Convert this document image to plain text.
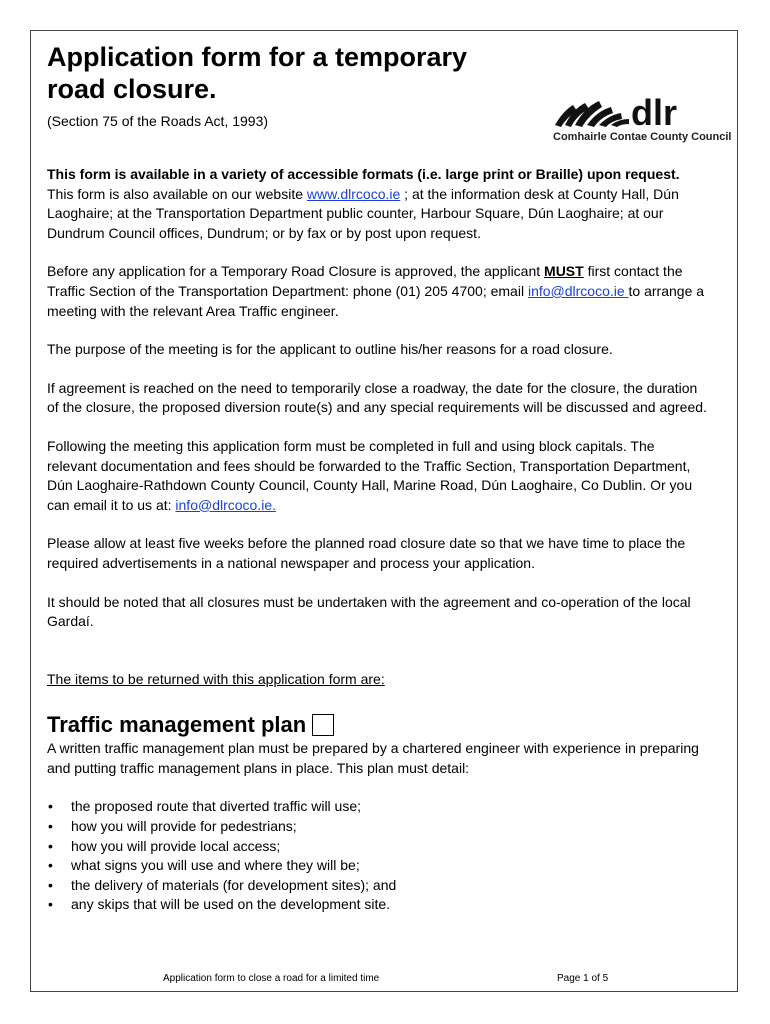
Application form for a temporary road closure.

(Section 75 of the Roads Act, 1993)	dlr
Comhairle Contae County Council

This form is available in a variety of accessible formats (i.e. large print or Braille) upon request. This form is also available on our website www.dlrcoco.ie ; at the information desk at County Hall, Dún Laoghaire; at the Transportation Department public counter, Harbour Square, Dún Laoghaire; at our Dundrum Council offices, Dundrum; or by fax or by post upon request.

Before any application for a Temporary Road Closure is approved, the applicant MUST first contact the Traffic Section of the Transportation Department: phone (01) 205 4700; email info@dlrcoco.ie to arrange a meeting with the relevant Area Traffic engineer.

The purpose of the meeting is for the applicant to outline his/her reasons for a road closure.

If agreement is reached on the need to temporarily close a roadway, the date for the closure, the duration of the closure, the proposed diversion route(s) and any special requirements will be discussed and agreed.

Following the meeting this application form must be completed in full and using block capitals. The relevant documentation and fees should be forwarded to the Traffic Section, Transportation Department, Dún Laoghaire-Rathdown County Council, County Hall, Marine Road, Dún Laoghaire, Co Dublin. Or you can email it to us at: info@dlrcoco.ie.

Please allow at least five weeks before the planned road closure date so that we have time to place the required advertisements in a national newspaper and process your application.

It should be noted that all closures must be undertaken with the agreement and co-operation of the local Gardaí.

The items to be returned with this application form are:

Traffic management plan

A written traffic management plan must be prepared by a chartered engineer with experience in preparing and putting traffic management plans in place. This plan must detail:

• the proposed route that diverted traffic will use;
• how you will provide for pedestrians;
• how you will provide local access;
• what signs you will use and where they will be;
• the delivery of materials (for development sites); and
• any skips that will be used on the development site.
Application form to close a road for a limited time	Page 1 of 5
